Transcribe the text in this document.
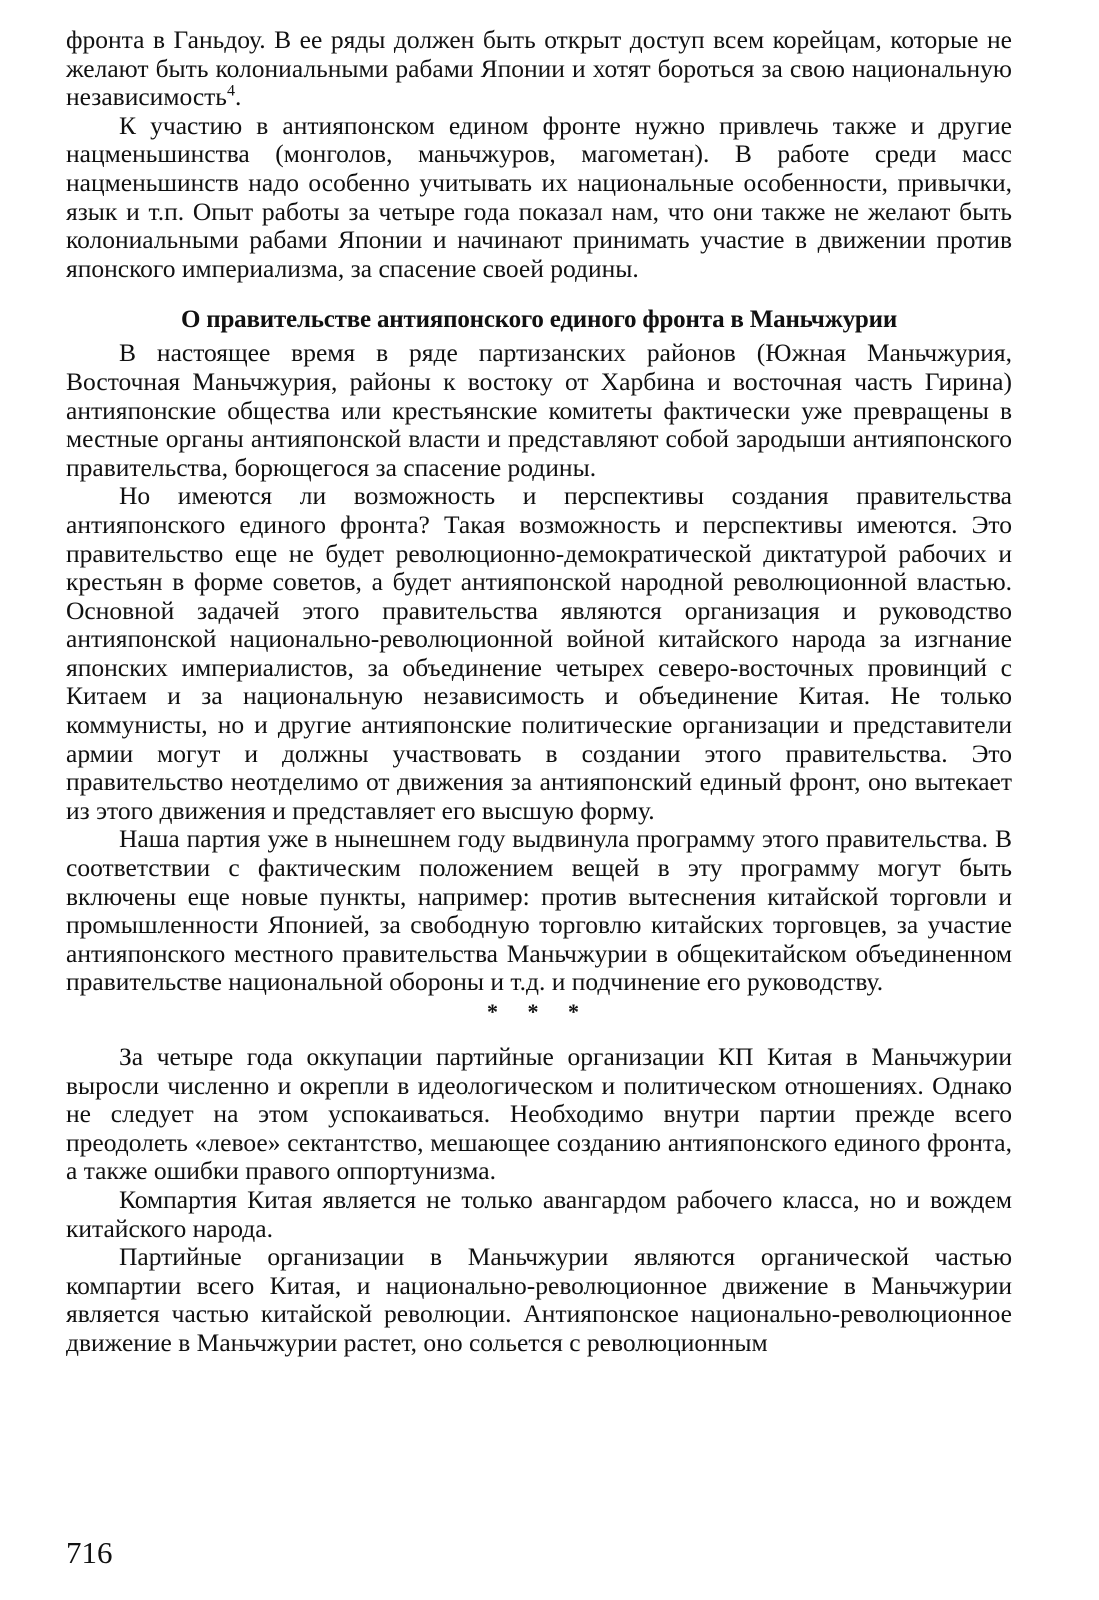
фронта в Ганьдоу. В ее ряды должен быть открыт доступ всем корейцам, которые не желают быть колониальными рабами Японии и хотят бороться за свою национальную независимость$^4$.

К участию в антияпонском едином фронте нужно привлечь также и другие нацменьшинства (монголов, маньчжуров, магометан). В работе среди масс нацменьшинств надо особенно учитывать их национальные особенности, привычки, язык и т.п. Опыт работы за четыре года показал нам, что они также не желают быть колониальными рабами Японии и начинают принимать участие в движении против японского империализма, за спасение своей родины.

О правительстве антияпонского единого фронта в Маньчжурии

В настоящее время в ряде партизанских районов (Южная Маньчжурия, Восточная Маньчжурия, районы к востоку от Харбина и восточная часть Гирина) антияпонские общества или крестьянские комитеты фактически уже превращены в местные органы антияпонской власти и представляют собой зародыши антияпонского правительства, борющегося за спасение родины.

Но имеются ли возможность и перспективы создания правительства антияпонского единого фронта? Такая возможность и перспективы имеются. Это правительство еще не будет революционно-демократической диктатурой рабочих и крестьян в форме советов, а будет антияпонской народной революционной властью. Основной задачей этого правительства являются организация и руководство антияпонской национально-революционной войной китайского народа за изгнание японских империалистов, за объединение четырех северо-восточных провинций с Китаем и за национальную независимость и объединение Китая. Не только коммунисты, но и другие антияпонские политические организации и представители армии могут и должны участвовать в создании этого правительства. Это правительство неотделимо от движения за антияпонский единый фронт, оно вытекает из этого движения и представляет его высшую форму.

Наша партия уже в нынешнем году выдвинула программу этого правительства. В соответствии с фактическим положением вещей в эту программу могут быть включены еще новые пункты, например: против вытеснения китайской торговли и промышленности Японией, за свободную торговлю китайских торговцев, за участие антияпонского местного правительства Маньчжурии в общекитайском объединенном правительстве национальной обороны и т.д. и подчинение его руководству.

* * *

За четыре года оккупации партийные организации КП Китая в Маньчжурии выросли численно и окрепли в идеологическом и политическом отношениях. Однако не следует на этом успокаиваться. Необходимо внутри партии прежде всего преодолеть «левое» сектантство, мешающее созданию антияпонского единого фронта, а также ошибки правого оппортунизма.

Компартия Китая является не только авангардом рабочего класса, но и вождем китайского народа.

Партийные организации в Маньчжурии являются органической частью компартии всего Китая, и национально-революционное движение в Маньчжурии является частью китайской революции. Антияпонское национально-революционное движение в Маньчжурии растет, оно сольется с революционным

716
